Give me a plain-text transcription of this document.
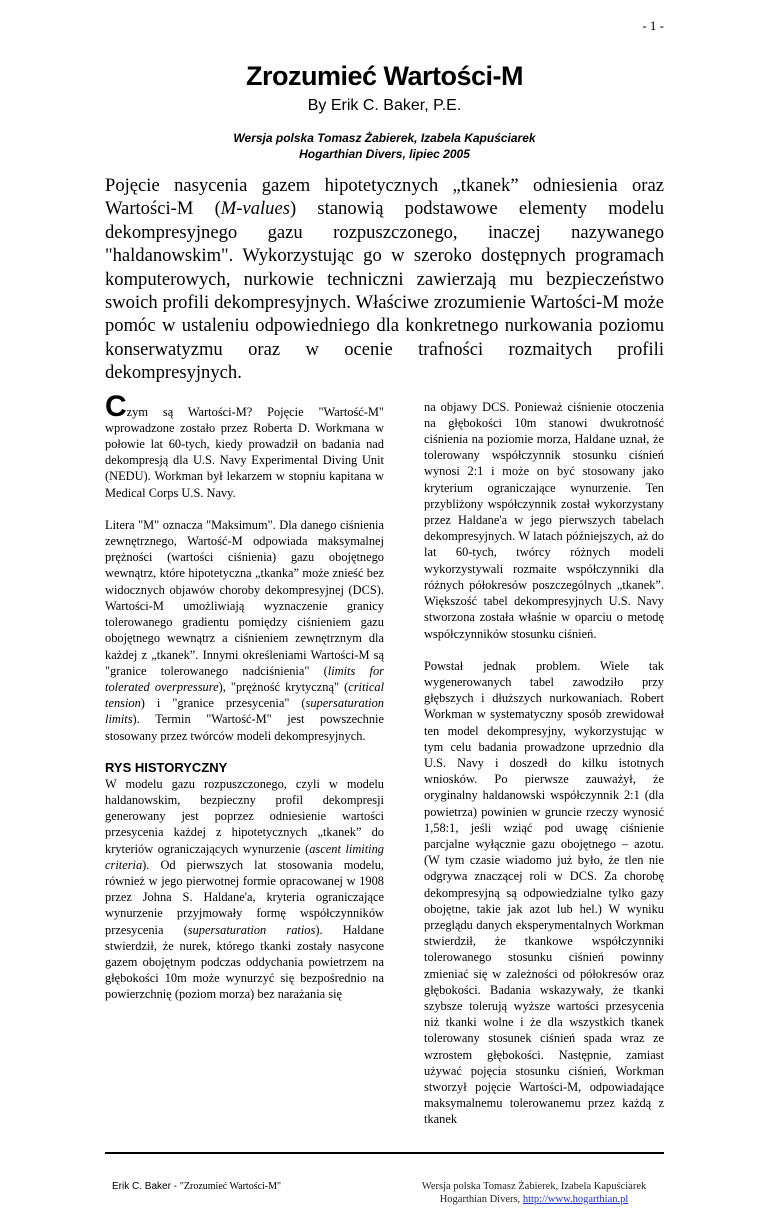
- 1 -
Zrozumieć Wartości-M
By Erik C. Baker, P.E.
Wersja polska Tomasz Żabierek, Izabela Kapuściarek
Hogarthian Divers, lipiec 2005

Pojęcie nasycenia gazem hipotetycznych „tkanek” odniesienia oraz Wartości-M (M-values) stanowią podstawowe elementy modelu dekompresyjnego gazu rozpuszczonego, inaczej nazywanego "haldanowskim". Wykorzystując go w szeroko dostępnych programach komputerowych, nurkowie techniczni zawierzają mu bezpieczeństwo swoich profili dekompresyjnych. Właściwe zrozumienie Wartości-M może pomóc w ustaleniu odpowiedniego dla konkretnego nurkowania poziomu konserwatyzmu oraz w ocenie trafności rozmaitych profili dekompresyjnych.

Czym są Wartości-M? Pojęcie "Wartość-M" wprowadzone zostało przez Roberta D. Workmana w połowie lat 60-tych, kiedy prowadził on badania nad dekompresją dla U.S. Navy Experimental Diving Unit (NEDU). Workman był lekarzem w stopniu kapitana w Medical Corps U.S. Navy.

Litera "M" oznacza "Maksimum". Dla danego ciśnienia zewnętrznego, Wartość-M odpowiada maksymalnej prężności (wartości ciśnienia) gazu obojętnego wewnątrz, które hipotetyczna „tkanka” może znieść bez widocznych objawów choroby dekompresyjnej (DCS). Wartości-M umożliwiają wyznaczenie granicy tolerowanego gradientu pomiędzy ciśnieniem gazu obojętnego wewnątrz a ciśnieniem zewnętrznym dla każdej z „tkanek”. Innymi określeniami Wartości-M są "granice tolerowanego nadciśnienia" (limits for tolerated overpressure), "prężność krytyczną" (critical tension) i "granice przesycenia" (supersaturation limits). Termin "Wartość-M" jest powszechnie stosowany przez twórców modeli dekompresyjnych.

RYS HISTORYCZNY

W modelu gazu rozpuszczonego, czyli w modelu haldanowskim, bezpieczny profil dekompresji generowany jest poprzez odniesienie wartości przesycenia każdej z hipotetycznych „tkanek” do kryteriów ograniczających wynurzenie (ascent limiting criteria). Od pierwszych lat stosowania modelu, również w jego pierwotnej formie opracowanej w 1908 przez Johna S. Haldane'a, kryteria ograniczające wynurzenie przyjmowały formę współczynników przesycenia (supersaturation ratios). Haldane stwierdził, że nurek, którego tkanki zostały nasycone gazem obojętnym podczas oddychania powietrzem na głębokości 10m może wynurzyć się bezpośrednio na powierzchnię (poziom morza) bez narażania się

na objawy DCS. Ponieważ ciśnienie otoczenia na głębokości 10m stanowi dwukrotność ciśnienia na poziomie morza, Haldane uznał, że tolerowany współczynnik stosunku ciśnień wynosi 2:1 i może on być stosowany jako kryterium ograniczające wynurzenie. Ten przybliżony współczynnik został wykorzystany przez Haldane'a w jego pierwszych tabelach dekompresyjnych. W latach późniejszych, aż do lat 60-tych, twórcy różnych modeli wykorzystywali rozmaite współczynniki dla różnych półokresów poszczególnych „tkanek”. Większość tabel dekompresyjnych U.S. Navy stworzona została właśnie w oparciu o metodę współczynników stosunku ciśnień.

Powstał jednak problem. Wiele tak wygenerowanych tabel zawodziło przy głębszych i dłuższych nurkowaniach. Robert Workman w systematyczny sposób zrewidował ten model dekompresyjny, wykorzystując w tym celu badania prowadzone uprzednio dla U.S. Navy i doszedł do kilku istotnych wniosków. Po pierwsze zauważył, że oryginalny haldanowski współczynnik 2:1 (dla powietrza) powinien w gruncie rzeczy wynosić 1,58:1, jeśli wziąć pod uwagę ciśnienie parcjalne wyłącznie gazu obojętnego – azotu. (W tym czasie wiadomo już było, że tlen nie odgrywa znaczącej roli w DCS. Za chorobę dekompresyjną są odpowiedzialne tylko gazy obojętne, takie jak azot lub hel.) W wyniku przeglądu danych eksperymentalnych Workman stwierdził, że tkankowe współczynniki tolerowanego stosunku ciśnień powinny zmieniać się w zależności od półokresów oraz głębokości. Badania wskazywały, że tkanki szybsze tolerują wyższe wartości przesycenia niż tkanki wolne i że dla wszystkich tkanek tolerowany stosunek ciśnień spada wraz ze wzrostem głębokości. Następnie, zamiast używać pojęcia stosunku ciśnień, Workman stworzył pojęcie Wartości-M, odpowiadające maksymalnemu tolerowanemu przez każdą z tkanek

Erik C. Baker - "Zrozumieć Wartości-M"	Wersja polska Tomasz Żabierek, Izabela Kapuściarek
Hogarthian Divers, http://www.hogarthian.pl
